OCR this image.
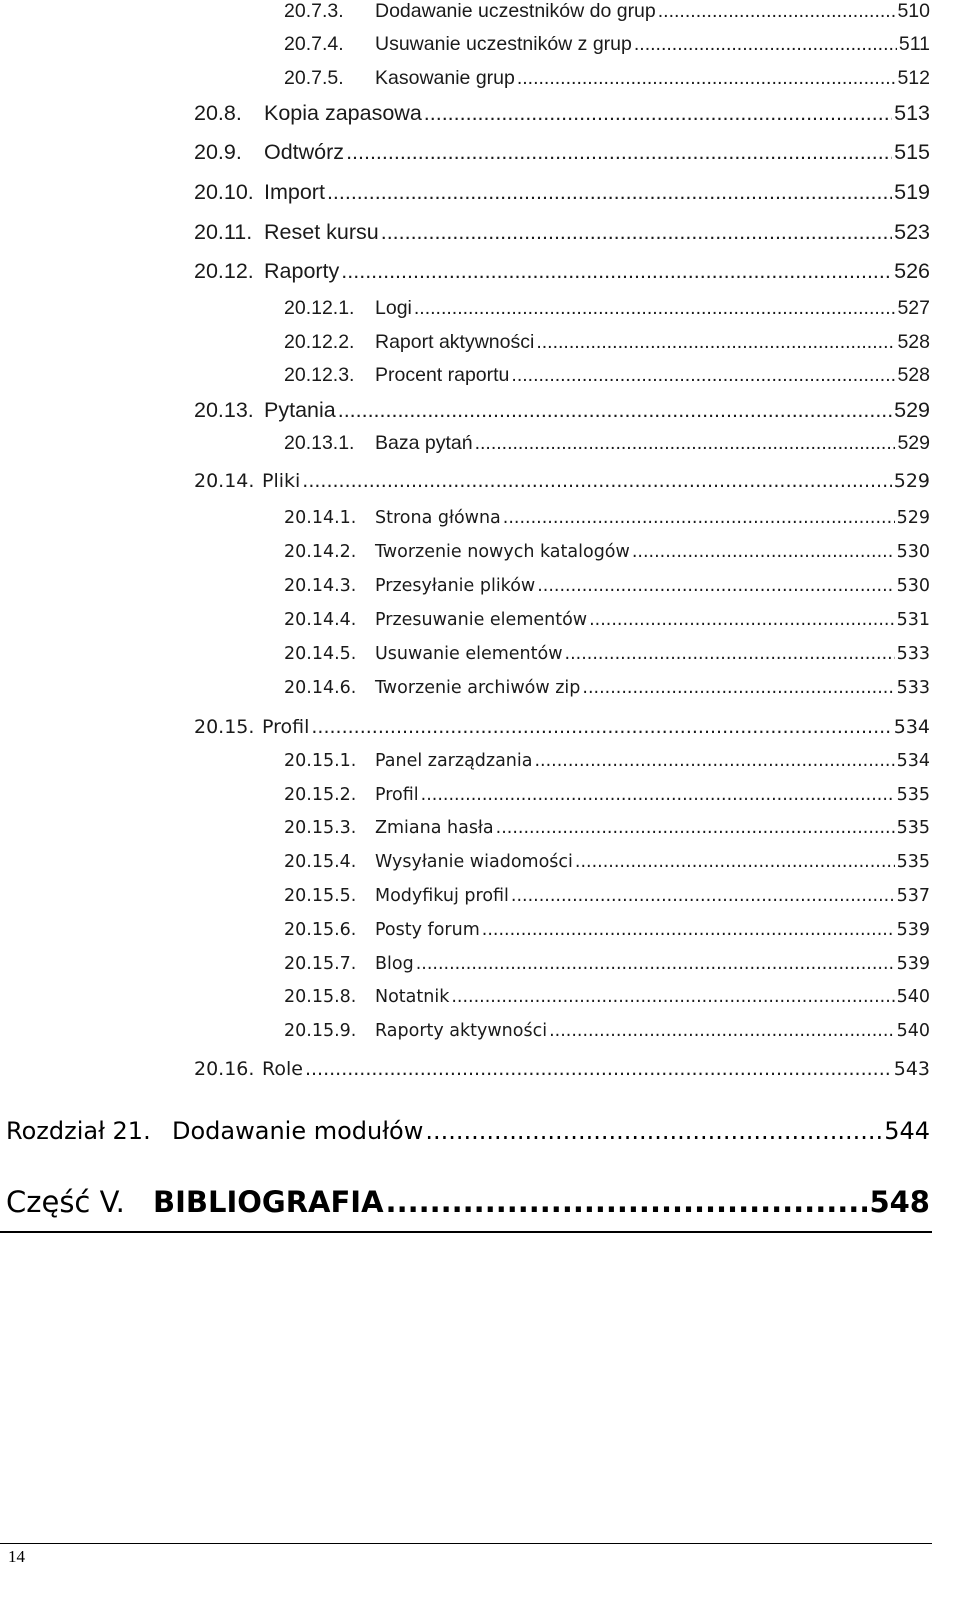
20.7.3.	Dodawanie uczestników do grup .....	510
20.7.4.	Usuwanie uczestników z grup .....	511
20.7.5.	Kasowanie grup .....	512
20.8.	Kopia zapasowa .....	513
20.9.	Odtwórz .....	515
20.10. Import .....	519
20.11. Reset kursu .....	523
20.12. Raporty .....	526
20.12.1.	Logi .....	527
20.12.2.	Raport aktywności .....	528
20.12.3.	Procent raportu .....	528
20.13. Pytania .....	529
20.13.1.	Baza pytań .....	529
20.14. Pliki .....	529
20.14.1.	Strona główna .....	529
20.14.2.	Tworzenie nowych katalogów .....	530
20.14.3.	Przesyłanie plików .....	530
20.14.4.	Przesuwanie elementów .....	531
20.14.5.	Usuwanie elementów .....	533
20.14.6.	Tworzenie archiwów zip .....	533
20.15. Profil .....	534
20.15.1.	Panel zarządzania .....	534
20.15.2.	Profil .....	535
20.15.3.	Zmiana hasła .....	535
20.15.4.	Wysyłanie wiadomości .....	535
20.15.5.	Modyfikuj profil .....	537
20.15.6.	Posty forum .....	539
20.15.7.	Blog .....	539
20.15.8.	Notatnik .....	540
20.15.9.	Raporty aktywności .....	540
20.16. Role .....	543
Rozdział 21. Dodawanie modułów .....	544
Część V. BIBLIOGRAFIA .....	548
14
